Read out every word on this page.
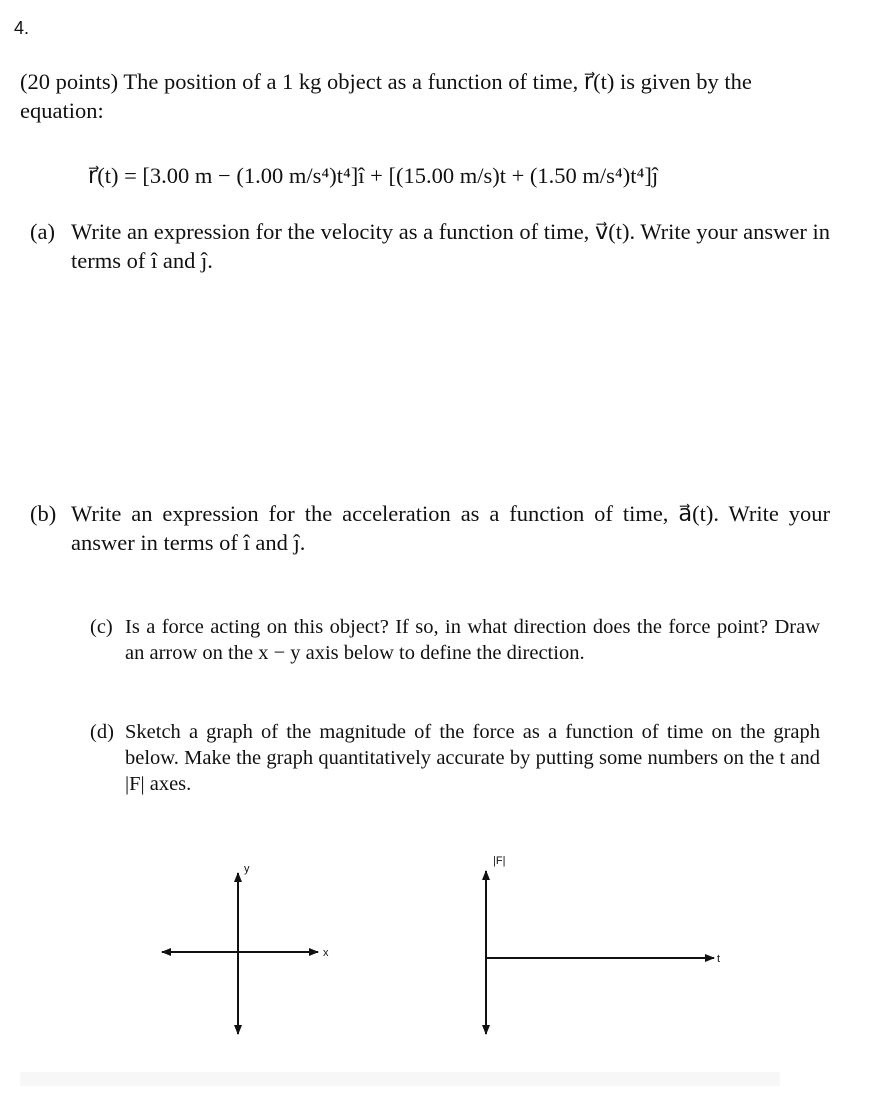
4.
(20 points) The position of a 1 kg object as a function of time, r⃗(t) is given by the equation:
r⃗(t) = [3.00 m − (1.00 m/s⁴)t⁴]î + [(15.00 m/s)t + (1.50 m/s⁴)t⁴]ĵ
(a) Write an expression for the velocity as a function of time, v⃗(t). Write your answer in terms of î and ĵ.
(b) Write an expression for the acceleration as a function of time, a⃗(t). Write your answer in terms of î and ĵ.
(c) Is a force acting on this object? If so, in what direction does the force point? Draw an arrow on the x − y axis below to define the direction.
(d) Sketch a graph of the magnitude of the force as a function of time on the graph below. Make the graph quantitatively accurate by putting some numbers on the t and |F| axes.
x
y
t
|F|
